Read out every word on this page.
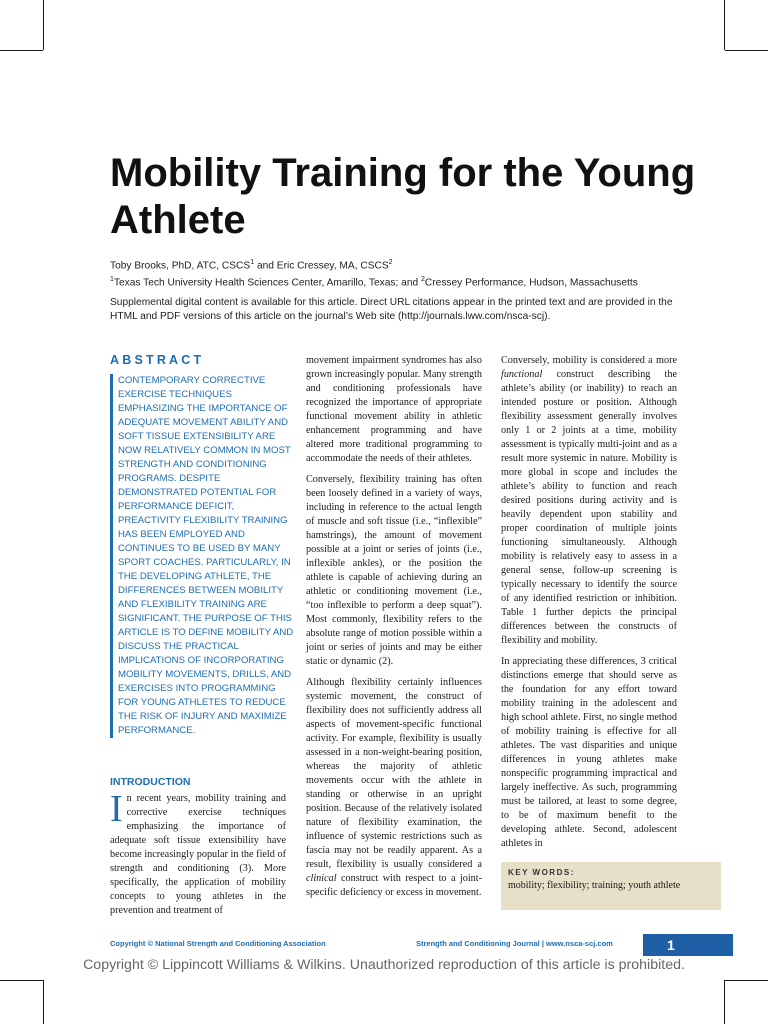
Mobility Training for the Young Athlete
Toby Brooks, PhD, ATC, CSCS$^1$ and Eric Cressey, MA, CSCS$^2$
$^1$Texas Tech University Health Sciences Center, Amarillo, Texas; and $^2$Cressey Performance, Hudson, Massachusetts
Supplemental digital content is available for this article. Direct URL citations appear in the printed text and are provided in the HTML and PDF versions of this article on the journal’s Web site (http://journals.lww.com/nsca-scj).
ABSTRACT
CONTEMPORARY CORRECTIVE EXERCISE TECHNIQUES EMPHASIZING THE IMPORTANCE OF ADEQUATE MOVEMENT ABILITY AND SOFT TISSUE EXTENSIBILITY ARE NOW RELATIVELY COMMON IN MOST STRENGTH AND CONDITIONING PROGRAMS. DESPITE DEMONSTRATED POTENTIAL FOR PERFORMANCE DEFICIT, PREACTIVITY FLEXIBILITY TRAINING HAS BEEN EMPLOYED AND CONTINUES TO BE USED BY MANY SPORT COACHES. PARTICULARLY, IN THE DEVELOPING ATHLETE, THE DIFFERENCES BETWEEN MOBILITY AND FLEXIBILITY TRAINING ARE SIGNIFICANT. THE PURPOSE OF THIS ARTICLE IS TO DEFINE MOBILITY AND DISCUSS THE PRACTICAL IMPLICATIONS OF INCORPORATING MOBILITY MOVEMENTS, DRILLS, AND EXERCISES INTO PROGRAMMING FOR YOUNG ATHLETES TO REDUCE THE RISK OF INJURY AND MAXIMIZE PERFORMANCE.
INTRODUCTION

In recent years, mobility training and corrective exercise techniques emphasizing the importance of adequate soft tissue extensibility have become increasingly popular in the field of strength and conditioning (3). More specifically, the application of mobility concepts to young athletes in the prevention and treatment of

movement impairment syndromes has also grown increasingly popular. Many strength and conditioning professionals have recognized the importance of appropriate functional movement ability in athletic enhancement programming and have altered more traditional programming to accommodate the needs of their athletes.

Conversely, flexibility training has often been loosely defined in a variety of ways, including in reference to the actual length of muscle and soft tissue (i.e., “inflexible” hamstrings), the amount of movement possible at a joint or series of joints (i.e., inflexible ankles), or the position the athlete is capable of achieving during an athletic or conditioning movement (i.e., “too inflexible to perform a deep squat”). Most commonly, flexibility refers to the absolute range of motion possible within a joint or series of joints and may be either static or dynamic (2).

Although flexibility certainly influences systemic movement, the construct of flexibility does not sufficiently address all aspects of movement-specific functional activity. For example, flexibility is usually assessed in a non-weight-bearing position, whereas the majority of athletic movements occur with the athlete in standing or otherwise in an upright position. Because of the relatively isolated nature of flexibility examination, the influence of systemic restrictions such as fascia may not be readily apparent. As a result, flexibility is usually considered a clinical construct with respect to a joint-specific deficiency or excess in movement.

Conversely, mobility is considered a more functional construct describing the athlete’s ability (or inability) to reach an intended posture or position. Although flexibility assessment generally involves only 1 or 2 joints at a time, mobility assessment is typically multi-joint and as a result more systemic in nature. Mobility is more global in scope and includes the athlete’s ability to function and reach desired positions during activity and is heavily dependent upon stability and proper coordination of multiple joints functioning simultaneously. Although mobility is relatively easy to assess in a general sense, follow-up screening is typically necessary to identify the source of any identified restriction or inhibition. Table 1 further depicts the principal differences between the constructs of flexibility and mobility.

In appreciating these differences, 3 critical distinctions emerge that should serve as the foundation for any effort toward mobility training in the adolescent and high school athlete. First, no single method of mobility training is effective for all athletes. The vast disparities and unique differences in young athletes make nonspecific programming impractical and largely ineffective. As such, programming must be tailored, at least to some degree, to be of maximum benefit to the developing athlete. Second, adolescent athletes in

KEY WORDS:
mobility; flexibility; training; youth athlete
Copyright © National Strength and Conditioning Association	Strength and Conditioning Journal | www.nsca-scj.com	1
Copyright © Lippincott Williams & Wilkins. Unauthorized reproduction of this article is prohibited.
